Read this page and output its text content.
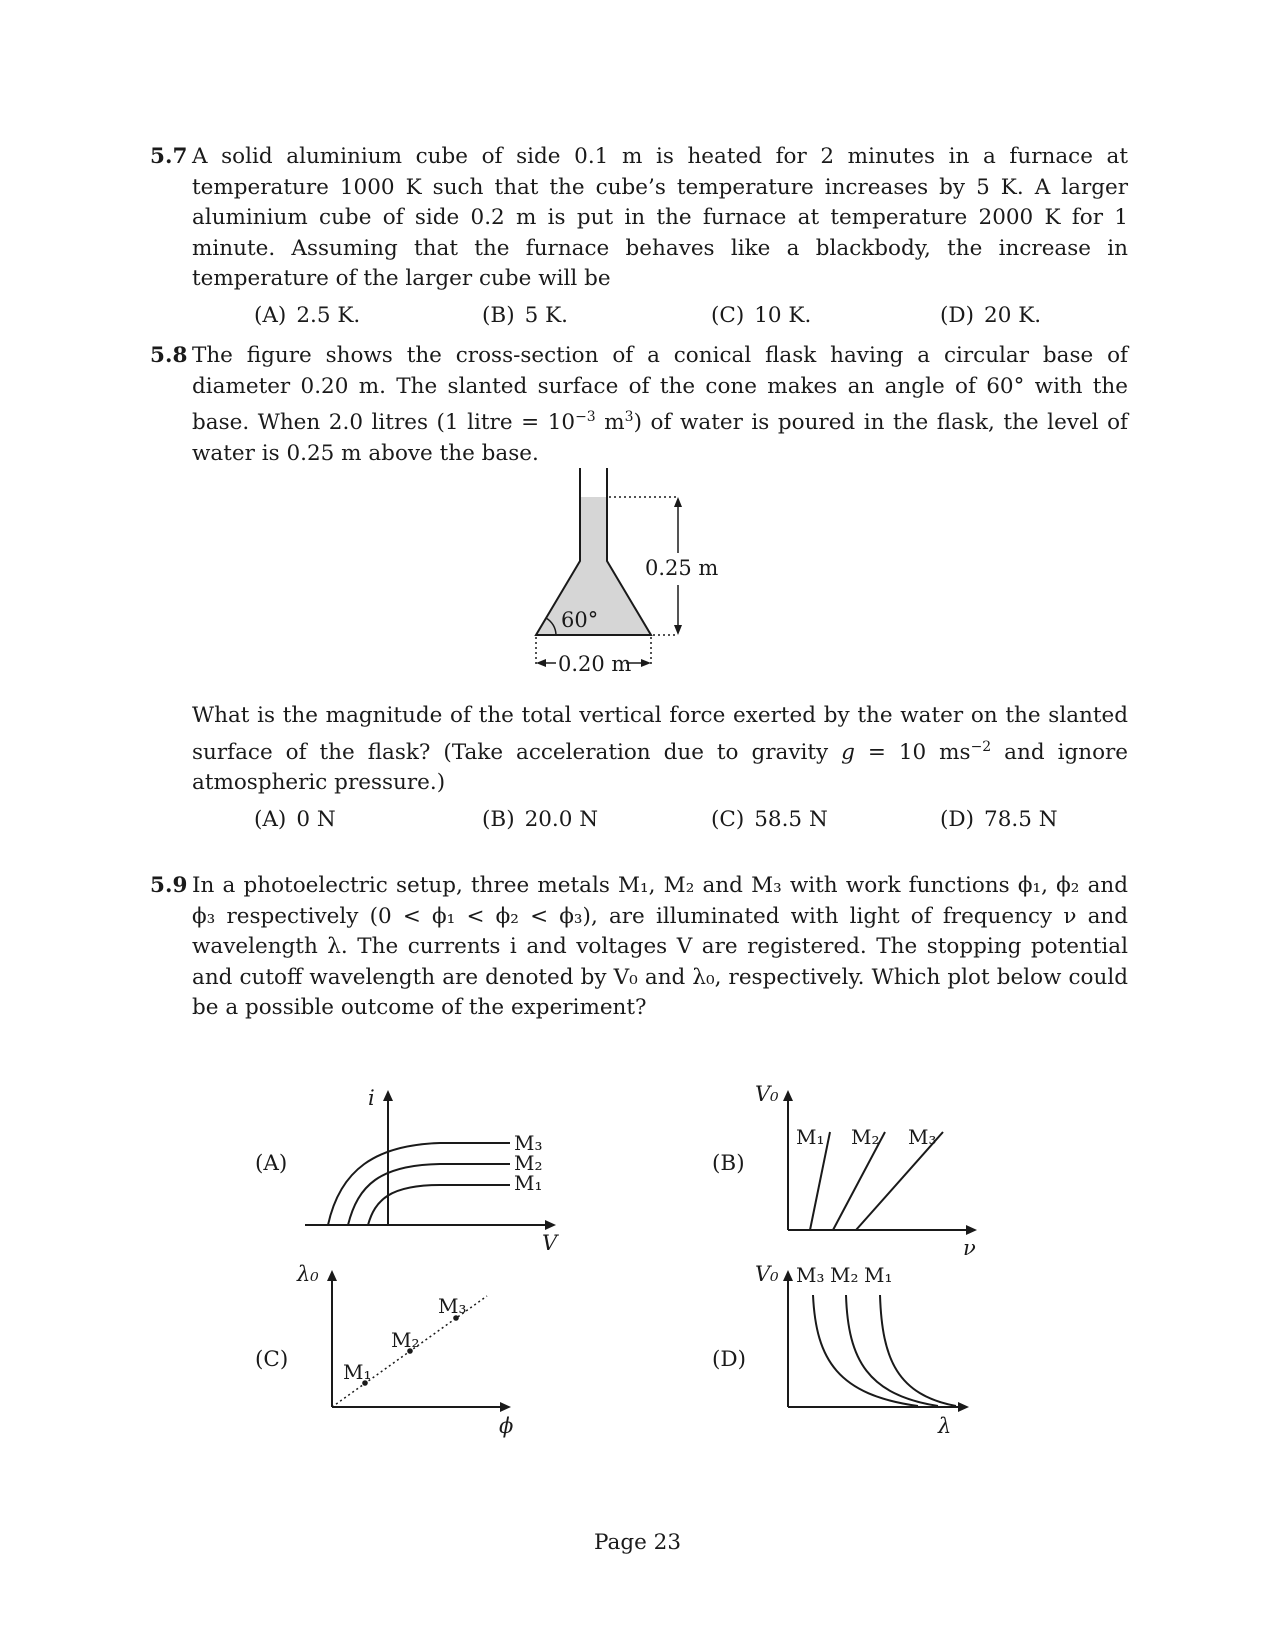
5.7 A solid aluminium cube of side 0.1 m is heated for 2 minutes in a furnace at temperature 1000 K such that the cube’s temperature increases by 5 K. A larger aluminium cube of side 0.2 m is put in the furnace at temperature 2000 K for 1 minute. Assuming that the furnace behaves like a blackbody, the increase in temperature of the larger cube will be

(A) 2.5 K.	(B) 5 K.	(C) 10 K.	(D) 20 K.

5.8 The figure shows the cross-section of a conical flask having a circular base of diameter 0.20 m. The slanted surface of the cone makes an angle of 60° with the base. When 2.0 litres (1 litre = $10^{-3}$ $m^3$) of water is poured in the flask, the level of water is 0.25 m above the base.

0.25 m
60°
0.20 m

What is the magnitude of the total vertical force exerted by the water on the slanted surface of the flask? (Take acceleration due to gravity g = 10 $ms^{-2}$ and ignore atmospheric pressure.)

(A) 0 N	(B) 20.0 N	(C) 58.5 N	(D) 78.5 N

5.9 In a photoelectric setup, three metals M₁, M₂ and M₃ with work functions ϕ₁, ϕ₂ and ϕ₃ respectively (0 < ϕ₁ < ϕ₂ < ϕ₃), are illuminated with light of frequency ν and wavelength λ. The currents i and voltages V are registered. The stopping potential and cutoff wavelength are denoted by V₀ and λ₀, respectively. Which plot below could be a possible outcome of the experiment?

(A)	(B)
(C)	(D)
i
V
M₃
M₂
M₁
V₀
ν
M₁ M₂ M₃
λ₀
ϕ
M₁
M₂
M₃
V₀
λ
M₃ M₂ M₁
Page 23
